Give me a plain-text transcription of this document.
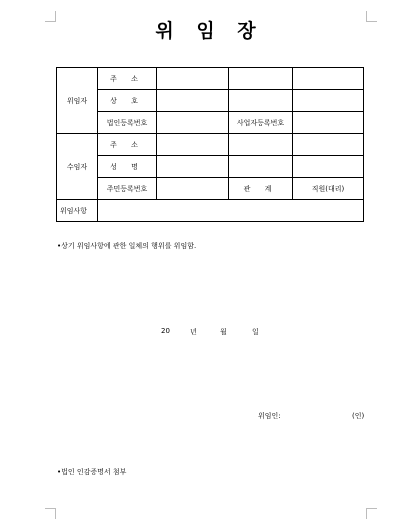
위 임 장
위임자	주 소			
	상 호			
	법인등록번호		사업자등록번호	
수임자	주 소			
	성 명			
	주민등록번호		관 계	직원(대리)
위임사항				
•상기 위임사항에 관한 일체의 행위를 위임함.
20	년	월	일
위임인:	(인)
•법인 인감증명서 첨부
